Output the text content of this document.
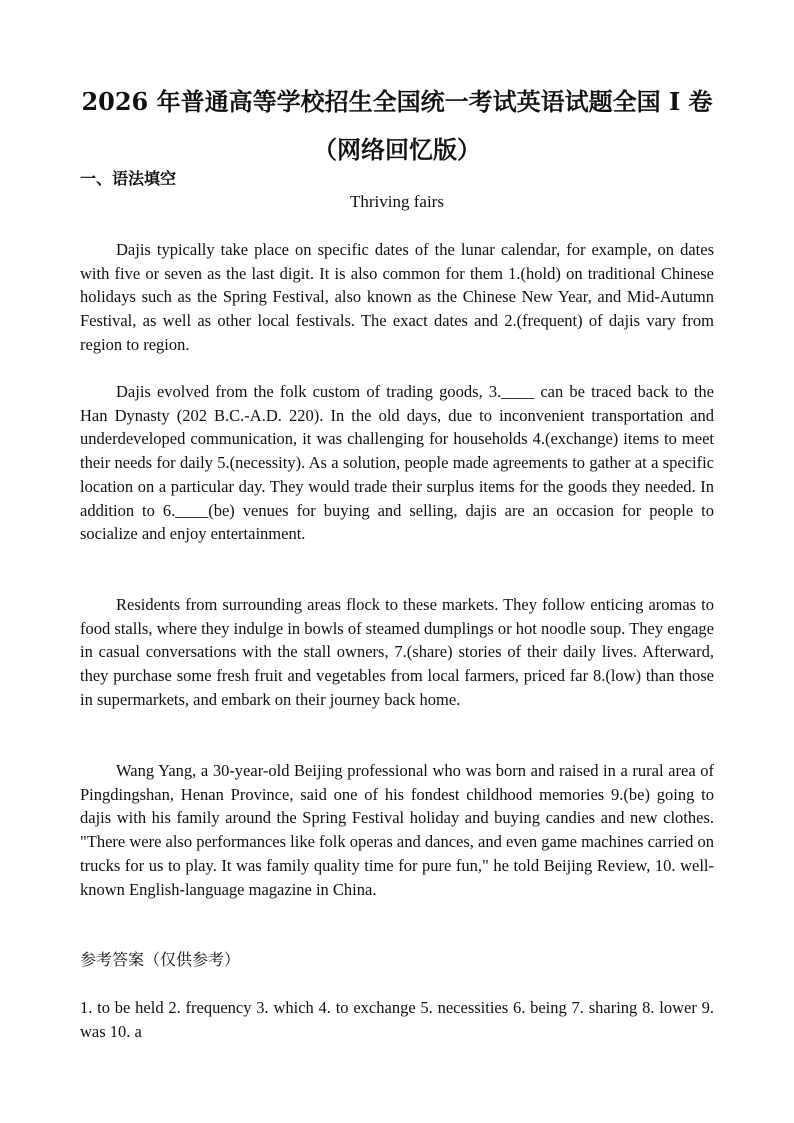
2026 年普通高等学校招生全国统一考试英语试题全国 I 卷
（网络回忆版）
一、语法填空
Thriving fairs

Dajis typically take place on specific dates of the lunar calendar, for example, on dates with five or seven as the last digit. It is also common for them 1.(hold) on traditional Chinese holidays such as the Spring Festival, also known as the Chinese New Year, and Mid-Autumn Festival, as well as other local festivals. The exact dates and 2.(frequent) of dajis vary from region to region.

Dajis evolved from the folk custom of trading goods, 3.____ can be traced back to the Han Dynasty (202 B.C.-A.D. 220). In the old days, due to inconvenient transportation and underdeveloped communication, it was challenging for households 4.(exchange) items to meet their needs for daily 5.(necessity). As a solution, people made agreements to gather at a specific location on a particular day. They would trade their surplus items for the goods they needed. In addition to 6.____(be) venues for buying and selling, dajis are an occasion for people to socialize and enjoy entertainment.

Residents from surrounding areas flock to these markets. They follow enticing aromas to food stalls, where they indulge in bowls of steamed dumplings or hot noodle soup. They engage in casual conversations with the stall owners, 7.(share) stories of their daily lives. Afterward, they purchase some fresh fruit and vegetables from local farmers, priced far 8.(low) than those in supermarkets, and embark on their journey back home.

Wang Yang, a 30-year-old Beijing professional who was born and raised in a rural area of Pingdingshan, Henan Province, said one of his fondest childhood memories 9.(be) going to dajis with his family around the Spring Festival holiday and buying candies and new clothes. "There were also performances like folk operas and dances, and even game machines carried on trucks for us to play. It was family quality time for pure fun," he told Beijing Review, 10. well-known English-language magazine in China.

参考答案（仅供参考）

1. to be held 2. frequency 3. which 4. to exchange 5. necessities 6. being 7. sharing 8. lower 9. was 10. a
